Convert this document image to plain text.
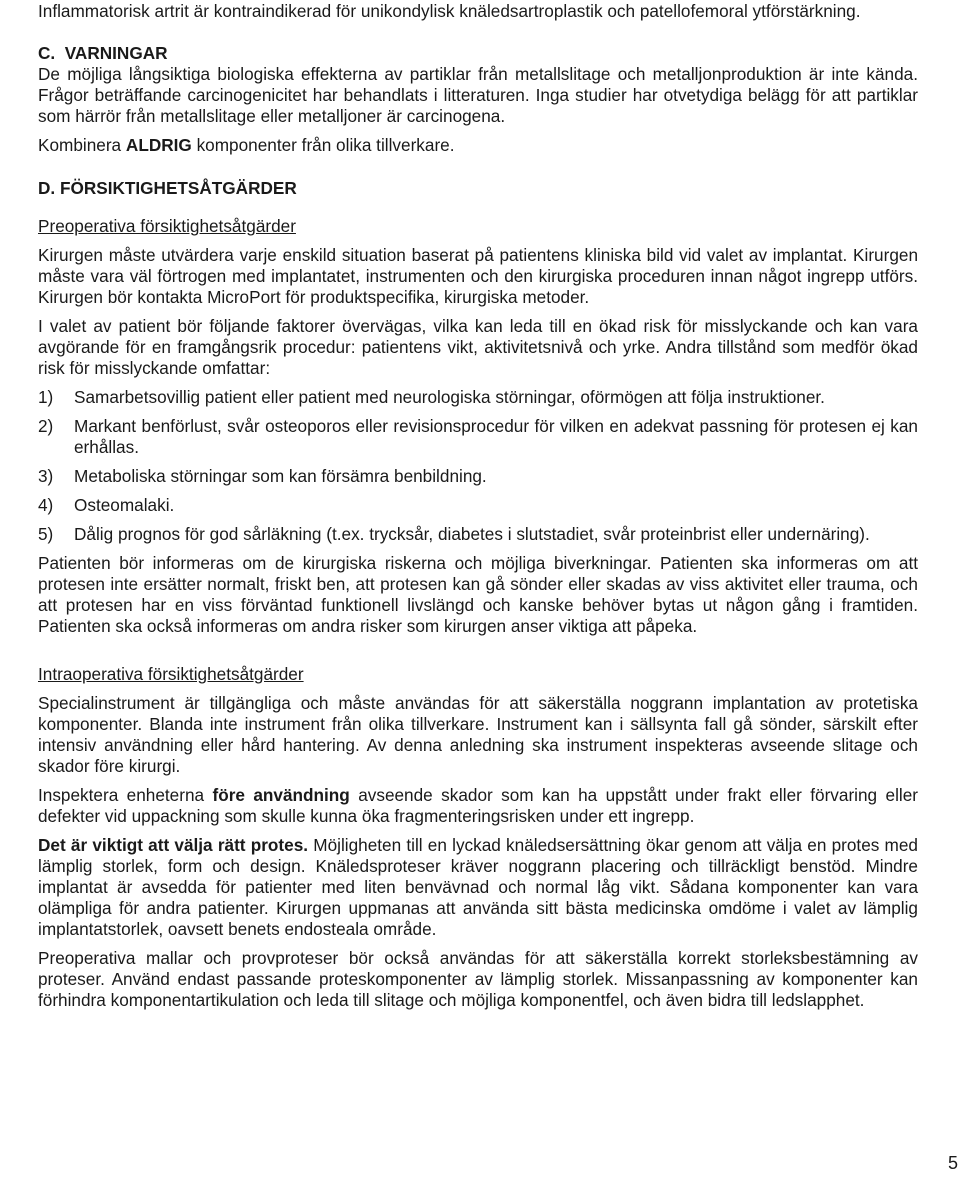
Inflammatorisk artrit är kontraindikerad för unikondylisk knäledsartroplastik och patellofemoral ytförstärkning.

C.  VARNINGAR

De möjliga långsiktiga biologiska effekterna av partiklar från metallslitage och metalljonproduktion är inte kända. Frågor beträffande carcinogenicitet har behandlats i litteraturen. Inga studier har otvetydiga belägg för att partiklar som härrör från metallslitage eller metalljoner är carcinogena.

Kombinera ALDRIG komponenter från olika tillverkare.

D. FÖRSIKTIGHETSÅTGÄRDER
Preoperativa försiktighetsåtgärder

Kirurgen måste utvärdera varje enskild situation baserat på patientens kliniska bild vid valet av implantat. Kirurgen måste vara väl förtrogen med implantatet, instrumenten och den kirurgiska proceduren innan något ingrepp utförs. Kirurgen bör kontakta MicroPort för produktspecifika, kirurgiska metoder.

I valet av patient bör följande faktorer övervägas, vilka kan leda till en ökad risk för misslyckande och kan vara avgörande för en framgångsrik procedur: patientens vikt, aktivitetsnivå och yrke. Andra tillstånd som medför ökad risk för misslyckande omfattar:

1)	Samarbetsovillig patient eller patient med neurologiska störningar, oförmögen att följa instruktioner.
2)	Markant benförlust, svår osteoporos eller revisionsprocedur för vilken en adekvat passning för protesen ej kan erhållas.
3)	Metaboliska störningar som kan försämra benbildning.
4)	Osteomalaki.
5)	Dålig prognos för god sårläkning (t.ex. trycksår, diabetes i slutstadiet, svår proteinbrist eller undernäring).

Patienten bör informeras om de kirurgiska riskerna och möjliga biverkningar. Patienten ska informeras om att protesen inte ersätter normalt, friskt ben, att protesen kan gå sönder eller skadas av viss aktivitet eller trauma, och att protesen har en viss förväntad funktionell livslängd och kanske behöver bytas ut någon gång i framtiden. Patienten ska också informeras om andra risker som kirurgen anser viktiga att påpeka.

Intraoperativa försiktighetsåtgärder

Specialinstrument är tillgängliga och måste användas för att säkerställa noggrann implantation av protetiska komponenter. Blanda inte instrument från olika tillverkare. Instrument kan i sällsynta fall gå sönder, särskilt efter intensiv användning eller hård hantering. Av denna anledning ska instrument inspekteras avseende slitage och skador före kirurgi.

Inspektera enheterna före användning avseende skador som kan ha uppstått under frakt eller förvaring eller defekter vid uppackning som skulle kunna öka fragmenteringsrisken under ett ingrepp.

Det är viktigt att välja rätt protes. Möjligheten till en lyckad knäledsersättning ökar genom att välja en protes med lämplig storlek, form och design. Knäledsproteser kräver noggrann placering och tillräckligt benstöd. Mindre implantat är avsedda för patienter med liten benvävnad och normal låg vikt. Sådana komponenter kan vara olämpliga för andra patienter. Kirurgen uppmanas att använda sitt bästa medicinska omdöme i valet av lämplig implantatstorlek, oavsett benets endosteala område.

Preoperativa mallar och provproteser bör också användas för att säkerställa korrekt storleksbestämning av proteser. Använd endast passande proteskomponenter av lämplig storlek. Missanpassning av komponenter kan förhindra komponentartikulation och leda till slitage och möjliga komponentfel, och även bidra till ledslapphet.

5
